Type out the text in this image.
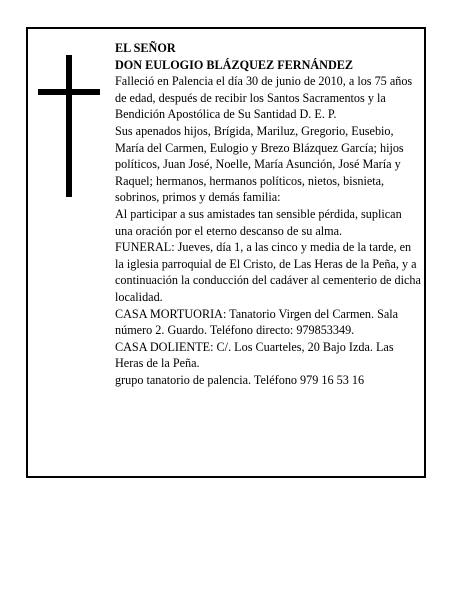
EL SEÑOR

DON EULOGIO BLÁZQUEZ FERNÁNDEZ

Falleció en Palencia el día 30 de junio de 2010, a los 75 años de edad, después de recibir los Santos Sacramentos y la Bendición Apostólica de Su Santidad D. E. P.

Sus apenados hijos, Brígida, Mariluz, Gregorio, Eusebio, María del Carmen, Eulogio y Brezo Blázquez García; hijos políticos, Juan José, Noelle, María Asunción, José María y Raquel; hermanos, hermanos políticos, nietos, bisnieta, sobrinos, primos y demás familia:

Al participar a sus amistades tan sensible pérdida, suplican una oración por el eterno descanso de su alma.

FUNERAL: Jueves, día 1, a las cinco y media de la tarde, en la iglesia parroquial de El Cristo, de Las Heras de la Peña, y a continuación la conducción del cadáver al cementerio de dicha localidad.

CASA MORTUORIA: Tanatorio Virgen del Carmen. Sala número 2. Guardo. Teléfono directo: 979853349.

CASA DOLIENTE: C/. Los Cuarteles, 20 Bajo Izda. Las Heras de la Peña.

grupo tanatorio de palencia. Teléfono 979 16 53 16
